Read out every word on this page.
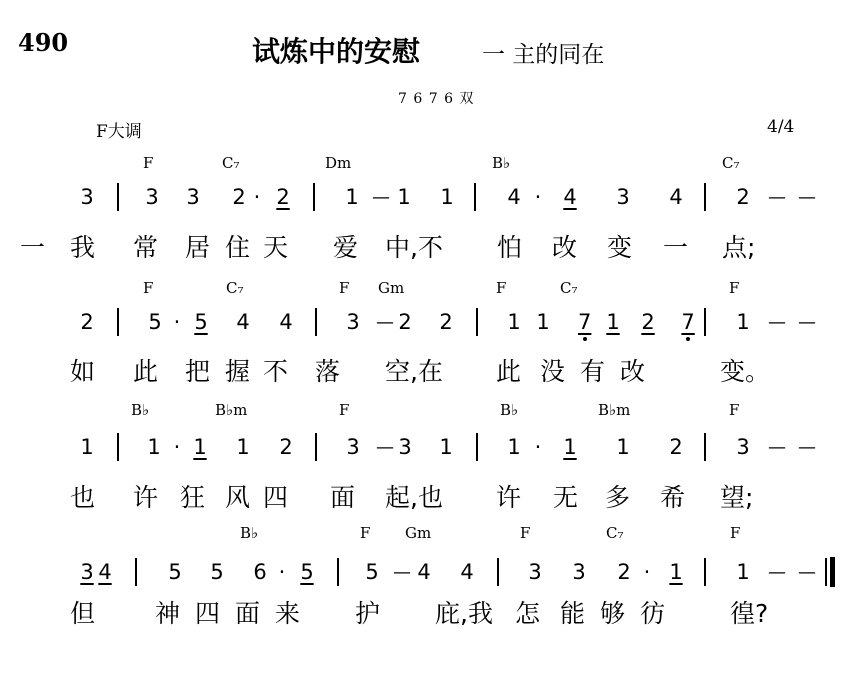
490	试炼中的安慰	一 主的同在
7 6 7 6 双
F大调	4/4
F	C₇	Dm	B♭	C₇
3 3 3 2 · 2	1 — 1 1	4 · 4 3 4	2 — —
一 我 常 居 住 天 爱 中,不 怕 改 变 一 点;
F	C₇	F Gm	F	C₇	F
2	5 · 5 4 4	3 — 2 2	1 1 7 1 2 7 1 — —
如 此 把 握 不 落 空,在 此 没 有 改	变。
B♭	B♭m	F	B♭	B♭m	F
1	1 · 1 1 2	3 — 3 1	1 · 1 1 2	3 — —
也 许 狂 风 四 面 起,也 许 无 多 希 望;
B♭	F Gm	F	C₇	F
3 4	5 5 6 · 5 5 — 4 4	3 3 2 · 1	1 — —
但 神 四 面 来 护 庇,我 怎 能 够 彷	徨?
